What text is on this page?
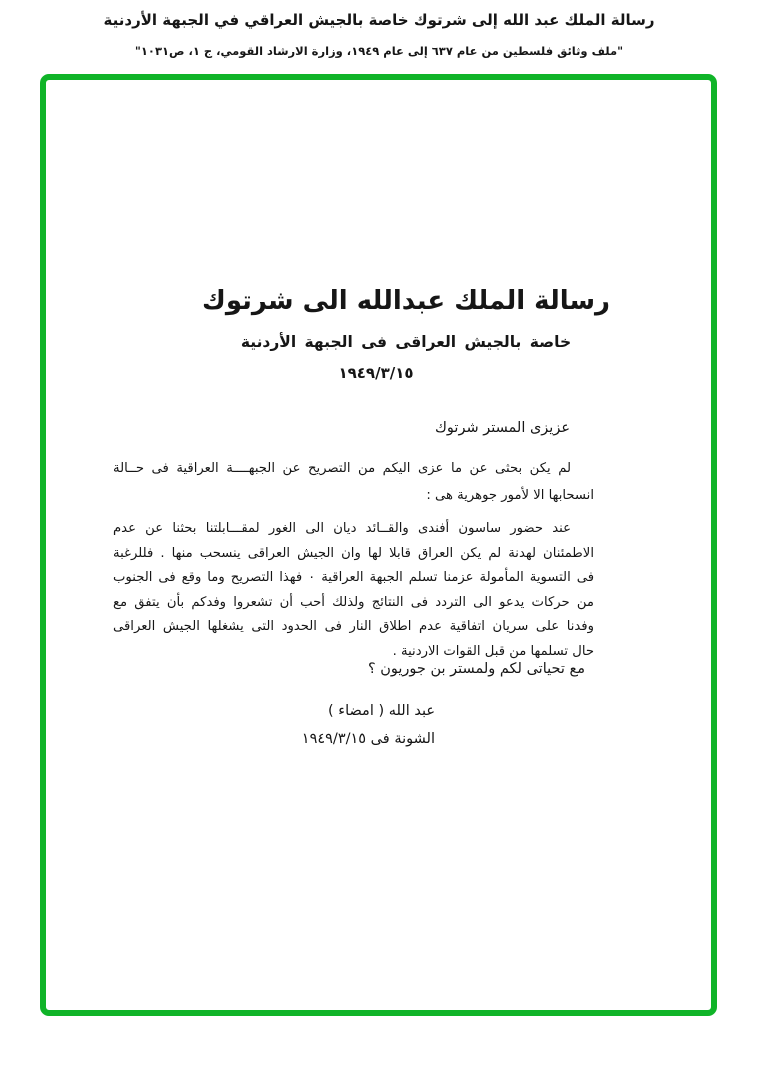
رسالة الملك عبد الله إلى شرتوك خاصة بالجيش العراقي في الجبهة الأردنية
"ملف وثائق فلسطين من عام ٦٣٧ إلى عام ١٩٤٩، وزارة الارشاد القومي، ج ١، ص١٠٣١"
رسالة الملك عبدالله الى شرتوك
خاصة بالجيش العراقى فى الجبهة الأردنية
١٩٤٩/٣/١٥
عزيزى المستر شرتوك
لم يكن بحثى عن ما عزى اليكم من التصريح عن الجبهــــة العراقية فى حــالة
انسحابها الا لأمور جوهرية هى :
عند حضور ساسون أفندى والقــائد ديان الى الغور لمقـــابلتنا بحثنا عن عدم
الاطمئنان لهدنة لم يكن العراق قابلا لها وان الجيش العراقى ينسحب منها . فللرغبة
فى التسوية المأمولة عزمنا تسلم الجبهة العراقية ٠ فهذا التصريح وما وقع فى الجنوب
من حركات يدعو الى التردد فى النتائج ولذلك أحب أن تشعروا وفدكم بأن يتفق مع
وفدنا على سريان اتفاقية عدم اطلاق النار فى الحدود التى يشغلها الجيش العراقى
حال تسلمها من قبل القوات الاردنية .
مع تحياتى لكم ولمستر بن جوريون ؟
عبد الله ( امضاء )
الشونة فى ١٩٤٩/٣/١٥
